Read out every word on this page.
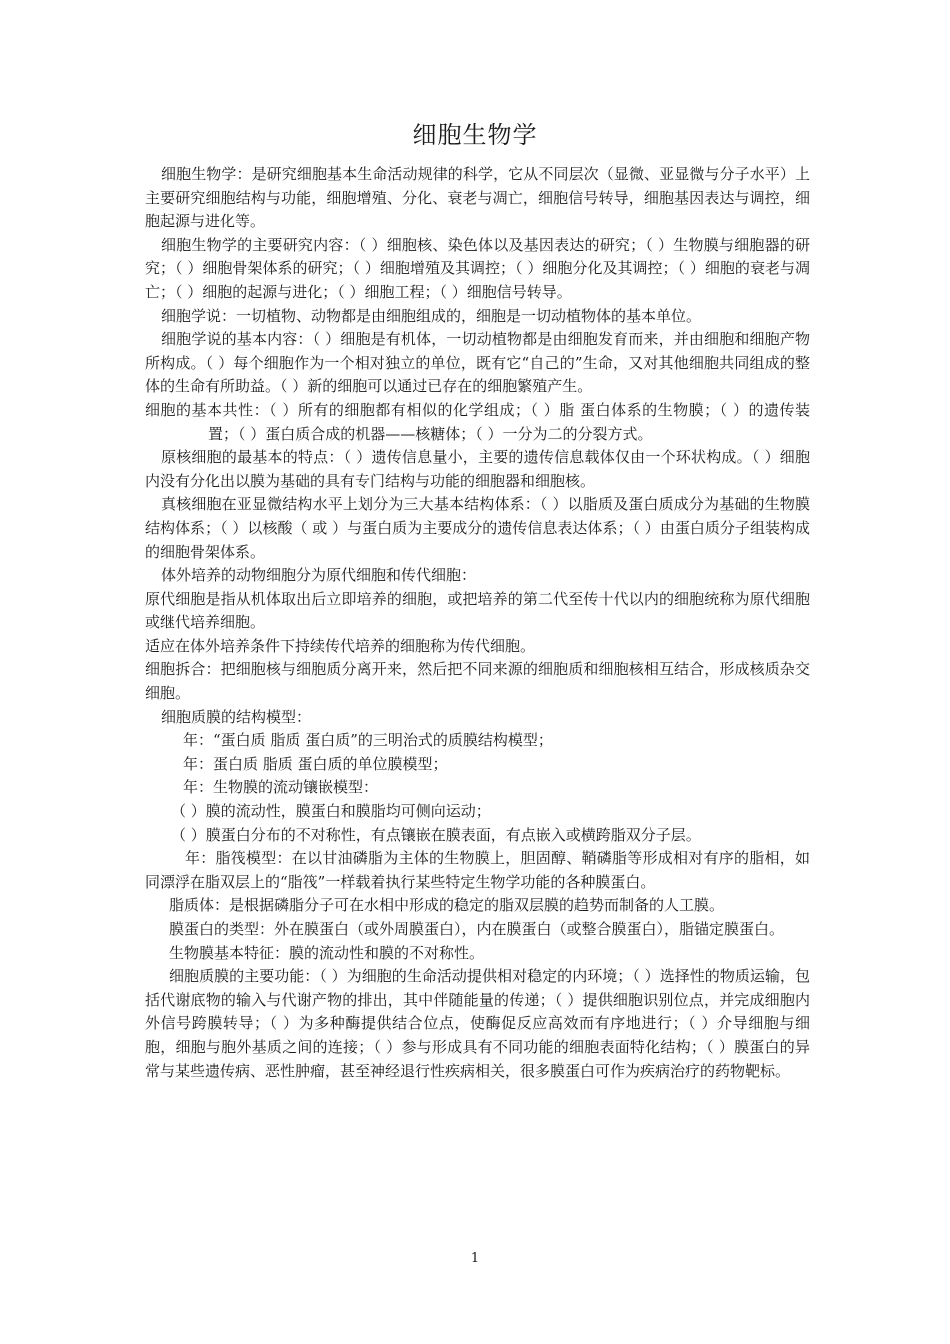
细胞生物学

细胞生物学：是研究细胞基本生命活动规律的科学，它从不同层次（显微、亚显微与分子水平）上主要研究细胞结构与功能，细胞增殖、分化、衰老与凋亡，细胞信号转导，细胞基因表达与调控，细胞起源与进化等。

细胞生物学的主要研究内容：（ ）细胞核、染色体以及基因表达的研究；（ ）生物膜与细胞器的研究；（ ）细胞骨架体系的研究；（ ）细胞增殖及其调控；（ ）细胞分化及其调控；（ ）细胞的衰老与凋亡；（ ）细胞的起源与进化；（ ）细胞工程；（ ）细胞信号转导。

细胞学说：一切植物、动物都是由细胞组成的，细胞是一切动植物体的基本单位。

细胞学说的基本内容：（ ）细胞是有机体，一切动植物都是由细胞发育而来，并由细胞和细胞产物所构成。（ ）每个细胞作为一个相对独立的单位，既有它“自己的”生命，又对其他细胞共同组成的整体的生命有所助益。（ ）新的细胞可以通过已存在的细胞繁殖产生。

细胞的基本共性：（ ）所有的细胞都有相似的化学组成；（ ）脂 蛋白体系的生物膜；（ ）的遗传装置；（ ）蛋白质合成的机器——核糖体；（ ）一分为二的分裂方式。

原核细胞的最基本的特点：（ ）遗传信息量小，主要的遗传信息载体仅由一个环状构成。（ ）细胞内没有分化出以膜为基础的具有专门结构与功能的细胞器和细胞核。

真核细胞在亚显微结构水平上划分为三大基本结构体系：（ ）以脂质及蛋白质成分为基础的生物膜结构体系；（ ）以核酸（ 或 ）与蛋白质为主要成分的遗传信息表达体系；（ ）由蛋白质分子组装构成的细胞骨架体系。

体外培养的动物细胞分为原代细胞和传代细胞：

原代细胞是指从机体取出后立即培养的细胞，或把培养的第二代至传十代以内的细胞统称为原代细胞或继代培养细胞。

适应在体外培养条件下持续传代培养的细胞称为传代细胞。

细胞拆合：把细胞核与细胞质分离开来，然后把不同来源的细胞质和细胞核相互结合，形成核质杂交细胞。

细胞质膜的结构模型：

年：“蛋白质 脂质 蛋白质”的三明治式的质膜结构模型；

年：蛋白质 脂质 蛋白质的单位膜模型；

年：生物膜的流动镶嵌模型：

（ ）膜的流动性，膜蛋白和膜脂均可侧向运动；

（ ）膜蛋白分布的不对称性，有点镶嵌在膜表面，有点嵌入或横跨脂双分子层。

年：脂筏模型：在以甘油磷脂为主体的生物膜上，胆固醇、鞘磷脂等形成相对有序的脂相，如同漂浮在脂双层上的“脂筏”一样载着执行某些特定生物学功能的各种膜蛋白。

脂质体：是根据磷脂分子可在水相中形成的稳定的脂双层膜的趋势而制备的人工膜。

膜蛋白的类型：外在膜蛋白（或外周膜蛋白），内在膜蛋白（或整合膜蛋白），脂锚定膜蛋白。

生物膜基本特征：膜的流动性和膜的不对称性。

细胞质膜的主要功能：（ ）为细胞的生命活动提供相对稳定的内环境；（ ）选择性的物质运输，包括代谢底物的输入与代谢产物的排出，其中伴随能量的传递；（ ）提供细胞识别位点，并完成细胞内外信号跨膜转导；（ ）为多种酶提供结合位点，使酶促反应高效而有序地进行；（ ）介导细胞与细胞，细胞与胞外基质之间的连接；（ ）参与形成具有不同功能的细胞表面特化结构；（ ）膜蛋白的异常与某些遗传病、恶性肿瘤，甚至神经退行性疾病相关，很多膜蛋白可作为疾病治疗的药物靶标。

1
